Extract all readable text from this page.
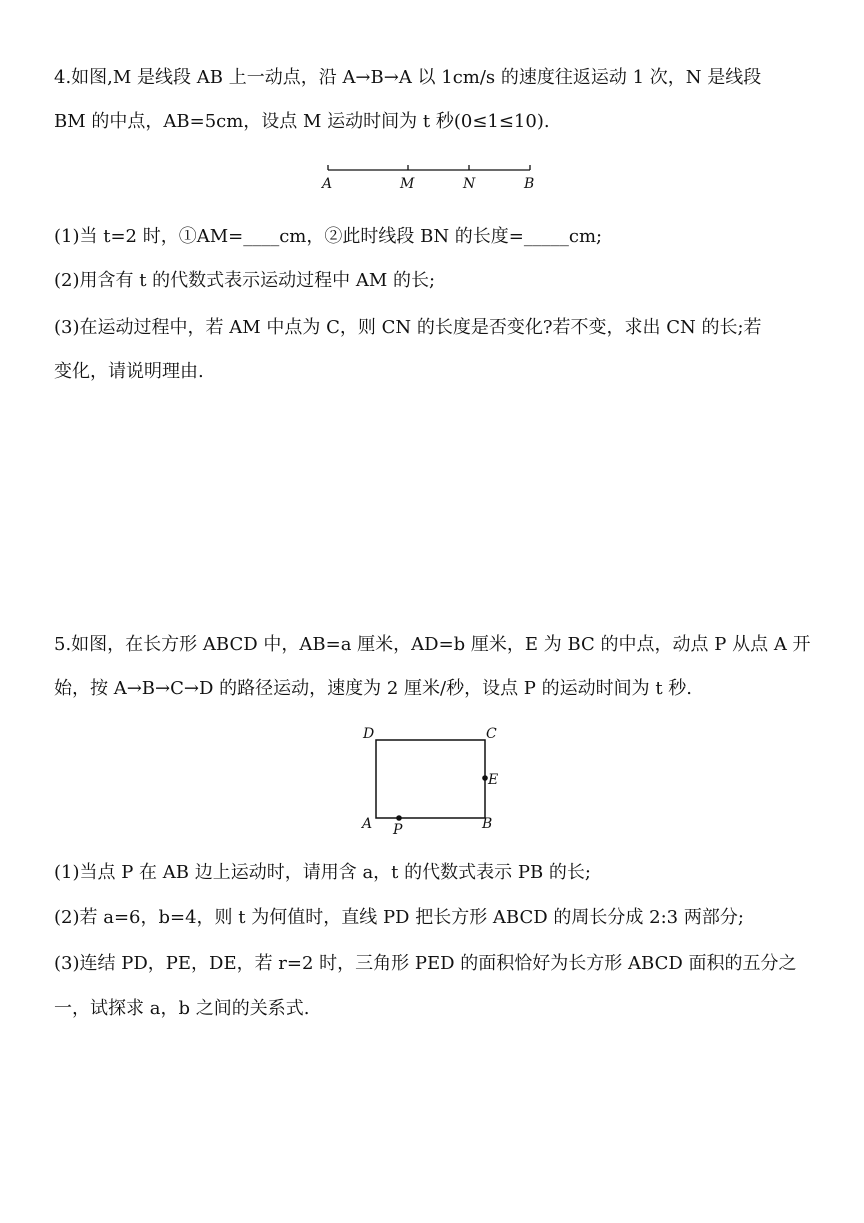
4.如图,M 是线段 AB 上一动点，沿 A→B→A 以 1cm/s 的速度往返运动 1 次，N 是线段
BM 的中点，AB=5cm，设点 M 运动时间为 t 秒(0≤1≤10).
A	M	N	B
(1)当 t=2 时，①AM=____cm，②此时线段 BN 的长度=_____cm;
(2)用含有 t 的代数式表示运动过程中 AM 的长;
(3)在运动过程中，若 AM 中点为 C，则 CN 的长度是否变化?若不变，求出 CN 的长;若
变化，请说明理由.
5.如图，在长方形 ABCD 中，AB=a 厘米，AD=b 厘米，E 为 BC 的中点，动点 P 从点 A 开
始，按 A→B→C→D 的路径运动，速度为 2 厘米/秒，设点 P 的运动时间为 t 秒.
D	C
E
A P	B
(1)当点 P 在 AB 边上运动时，请用含 a，t 的代数式表示 PB 的长;
(2)若 a=6，b=4，则 t 为何值时，直线 PD 把长方形 ABCD 的周长分成 2:3 两部分;
(3)连结 PD，PE，DE，若 r=2 时，三角形 PED 的面积恰好为长方形 ABCD 面积的五分之
一，试探求 a，b 之间的关系式.
